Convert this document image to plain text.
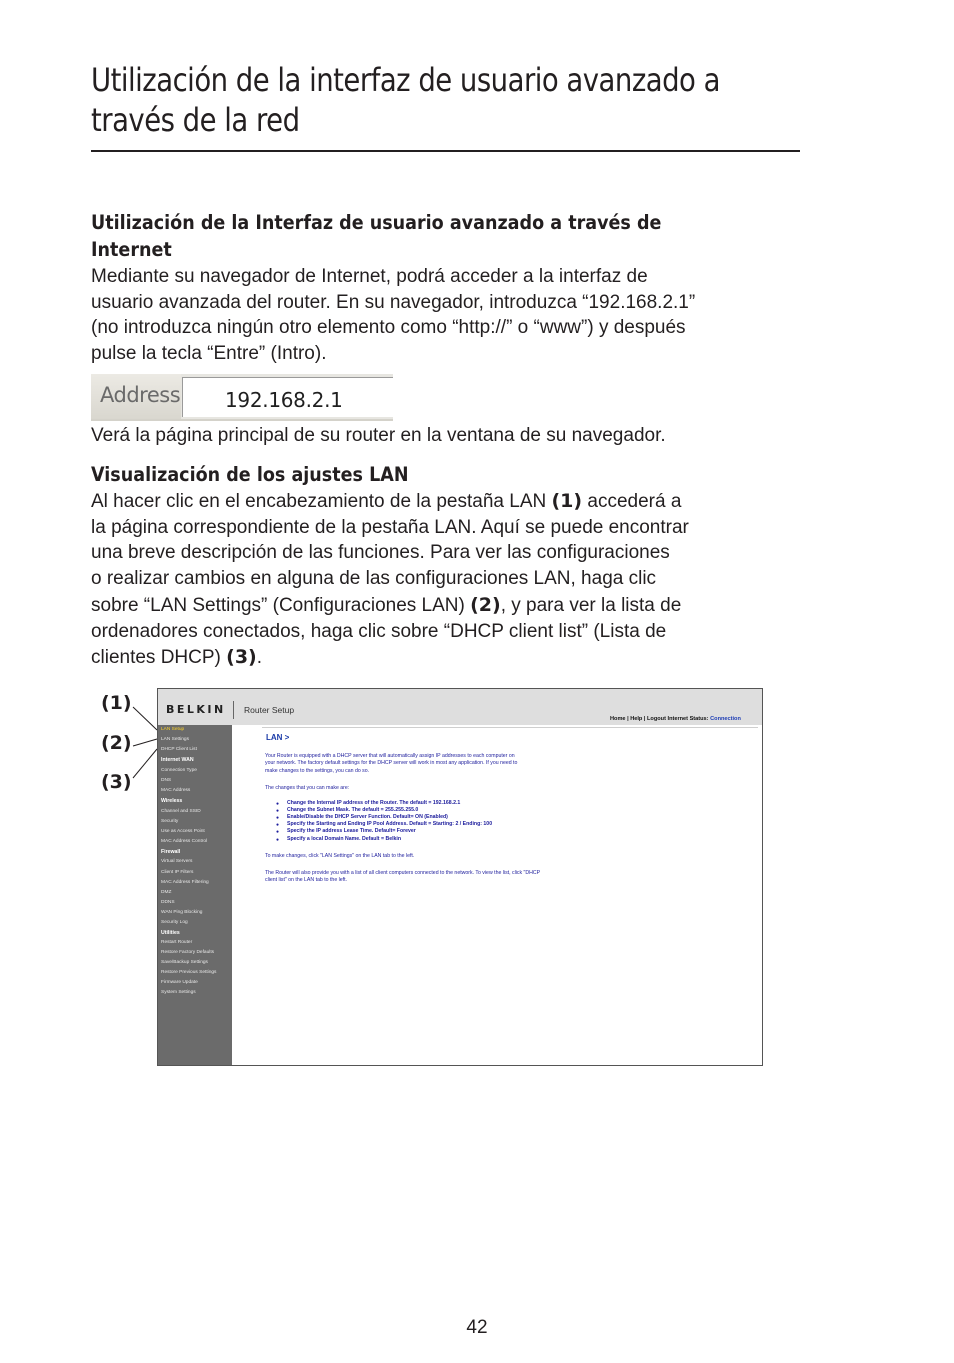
Utilización de la interfaz de usuario avanzado a
través de la red
Utilización de la Interfaz de usuario avanzado a través de
Internet
Mediante su navegador de Internet, podrá acceder a la interfaz de
usuario avanzada del router. En su navegador, introduzca “192.168.2.1”
(no introduzca ningún otro elemento como “http://” o “www”) y después
pulse la tecla “Entre” (Intro).
Address	192.168.2.1
Verá la página principal de su router en la ventana de su navegador.
Visualización de los ajustes LAN
Al hacer clic en el encabezamiento de la pestaña LAN (1) accederá a
la página correspondiente de la pestaña LAN. Aquí se puede encontrar
una breve descripción de las funciones. Para ver las configuraciones
o realizar cambios en alguna de las configuraciones LAN, haga clic
sobre “LAN Settings” (Configuraciones LAN) (2), y para ver la lista de
ordenadores conectados, haga clic sobre “DHCP client list” (Lista de
clientes DHCP) (3).
(1)
(2)
(3)
BELKIN Router Setup
Home | Help | Logout Internet Status: Connection
LAN Setup
LAN Settings
DHCP Client List
Internet WAN
Connection Type
DNS
MAC Address
Wireless
Channel and SSID
Security
Use as Access Point
MAC Address Control
Firewall
Virtual Servers
Client IP Filters
MAC Address Filtering
DMZ
DDNS
WAN Ping Blocking
Security Log
Utilities
Restart Router
Restore Factory Defaults
Save/Backup Settings
Restore Previous Settings
Firmware Update
System Settings
LAN >
Your Router is equipped with a DHCP server that will automatically assign IP addresses to each computer on
your network. The factory default settings for the DHCP server will work in most any application. If you need to
make changes to the settings, you can do so.
The changes that you can make are:
● Change the Internal IP address of the Router. The default = 192.168.2.1
● Change the Subnet Mask. The default = 255.255.255.0
● Enable/Disable the DHCP Server Function. Default= ON (Enabled)
● Specify the Starting and Ending IP Pool Address. Default = Starting: 2 / Ending: 100
● Specify the IP address Lease Time. Default= Forever
● Specify a local Domain Name. Default = Belkin
To make changes, click "LAN Settings" on the LAN tab to the left.
The Router will also provide you with a list of all client computers connected to the network. To view the list, click "DHCP
client list" on the LAN tab to the left.
42
